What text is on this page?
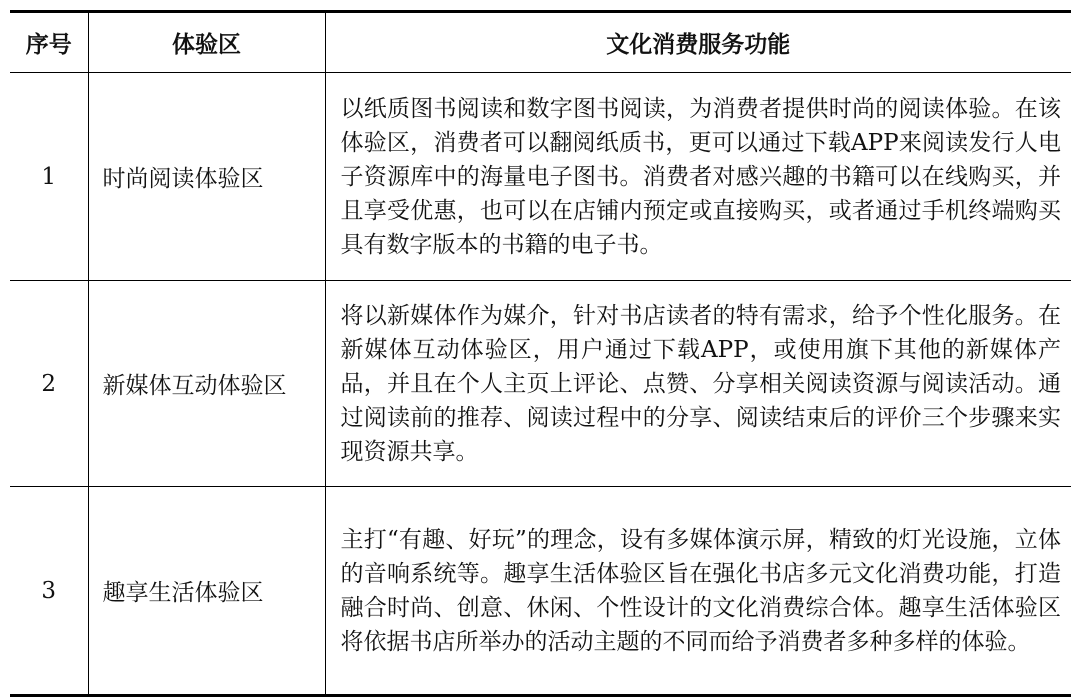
序号	体验区	文化消费服务功能
1	时尚阅读体验区	以纸质图书阅读和数字图书阅读，为消费者提供时尚的阅读体验。在该体验区，消费者可以翻阅纸质书，更可以通过下载APP来阅读发行人电子资源库中的海量电子图书。消费者对感兴趣的书籍可以在线购买，并且享受优惠，也可以在店铺内预定或直接购买，或者通过手机终端购买具有数字版本的书籍的电子书。
2	新媒体互动体验区	将以新媒体作为媒介，针对书店读者的特有需求，给予个性化服务。在新媒体互动体验区，用户通过下载APP，或使用旗下其他的新媒体产品，并且在个人主页上评论、点赞、分享相关阅读资源与阅读活动。通过阅读前的推荐、阅读过程中的分享、阅读结束后的评价三个步骤来实现资源共享。
3	趣享生活体验区	主打“有趣、好玩”的理念，设有多媒体演示屏，精致的灯光设施，立体的音响系统等。趣享生活体验区旨在强化书店多元文化消费功能，打造融合时尚、创意、休闲、个性设计的文化消费综合体。趣享生活体验区将依据书店所举办的活动主题的不同而给予消费者多种多样的体验。
